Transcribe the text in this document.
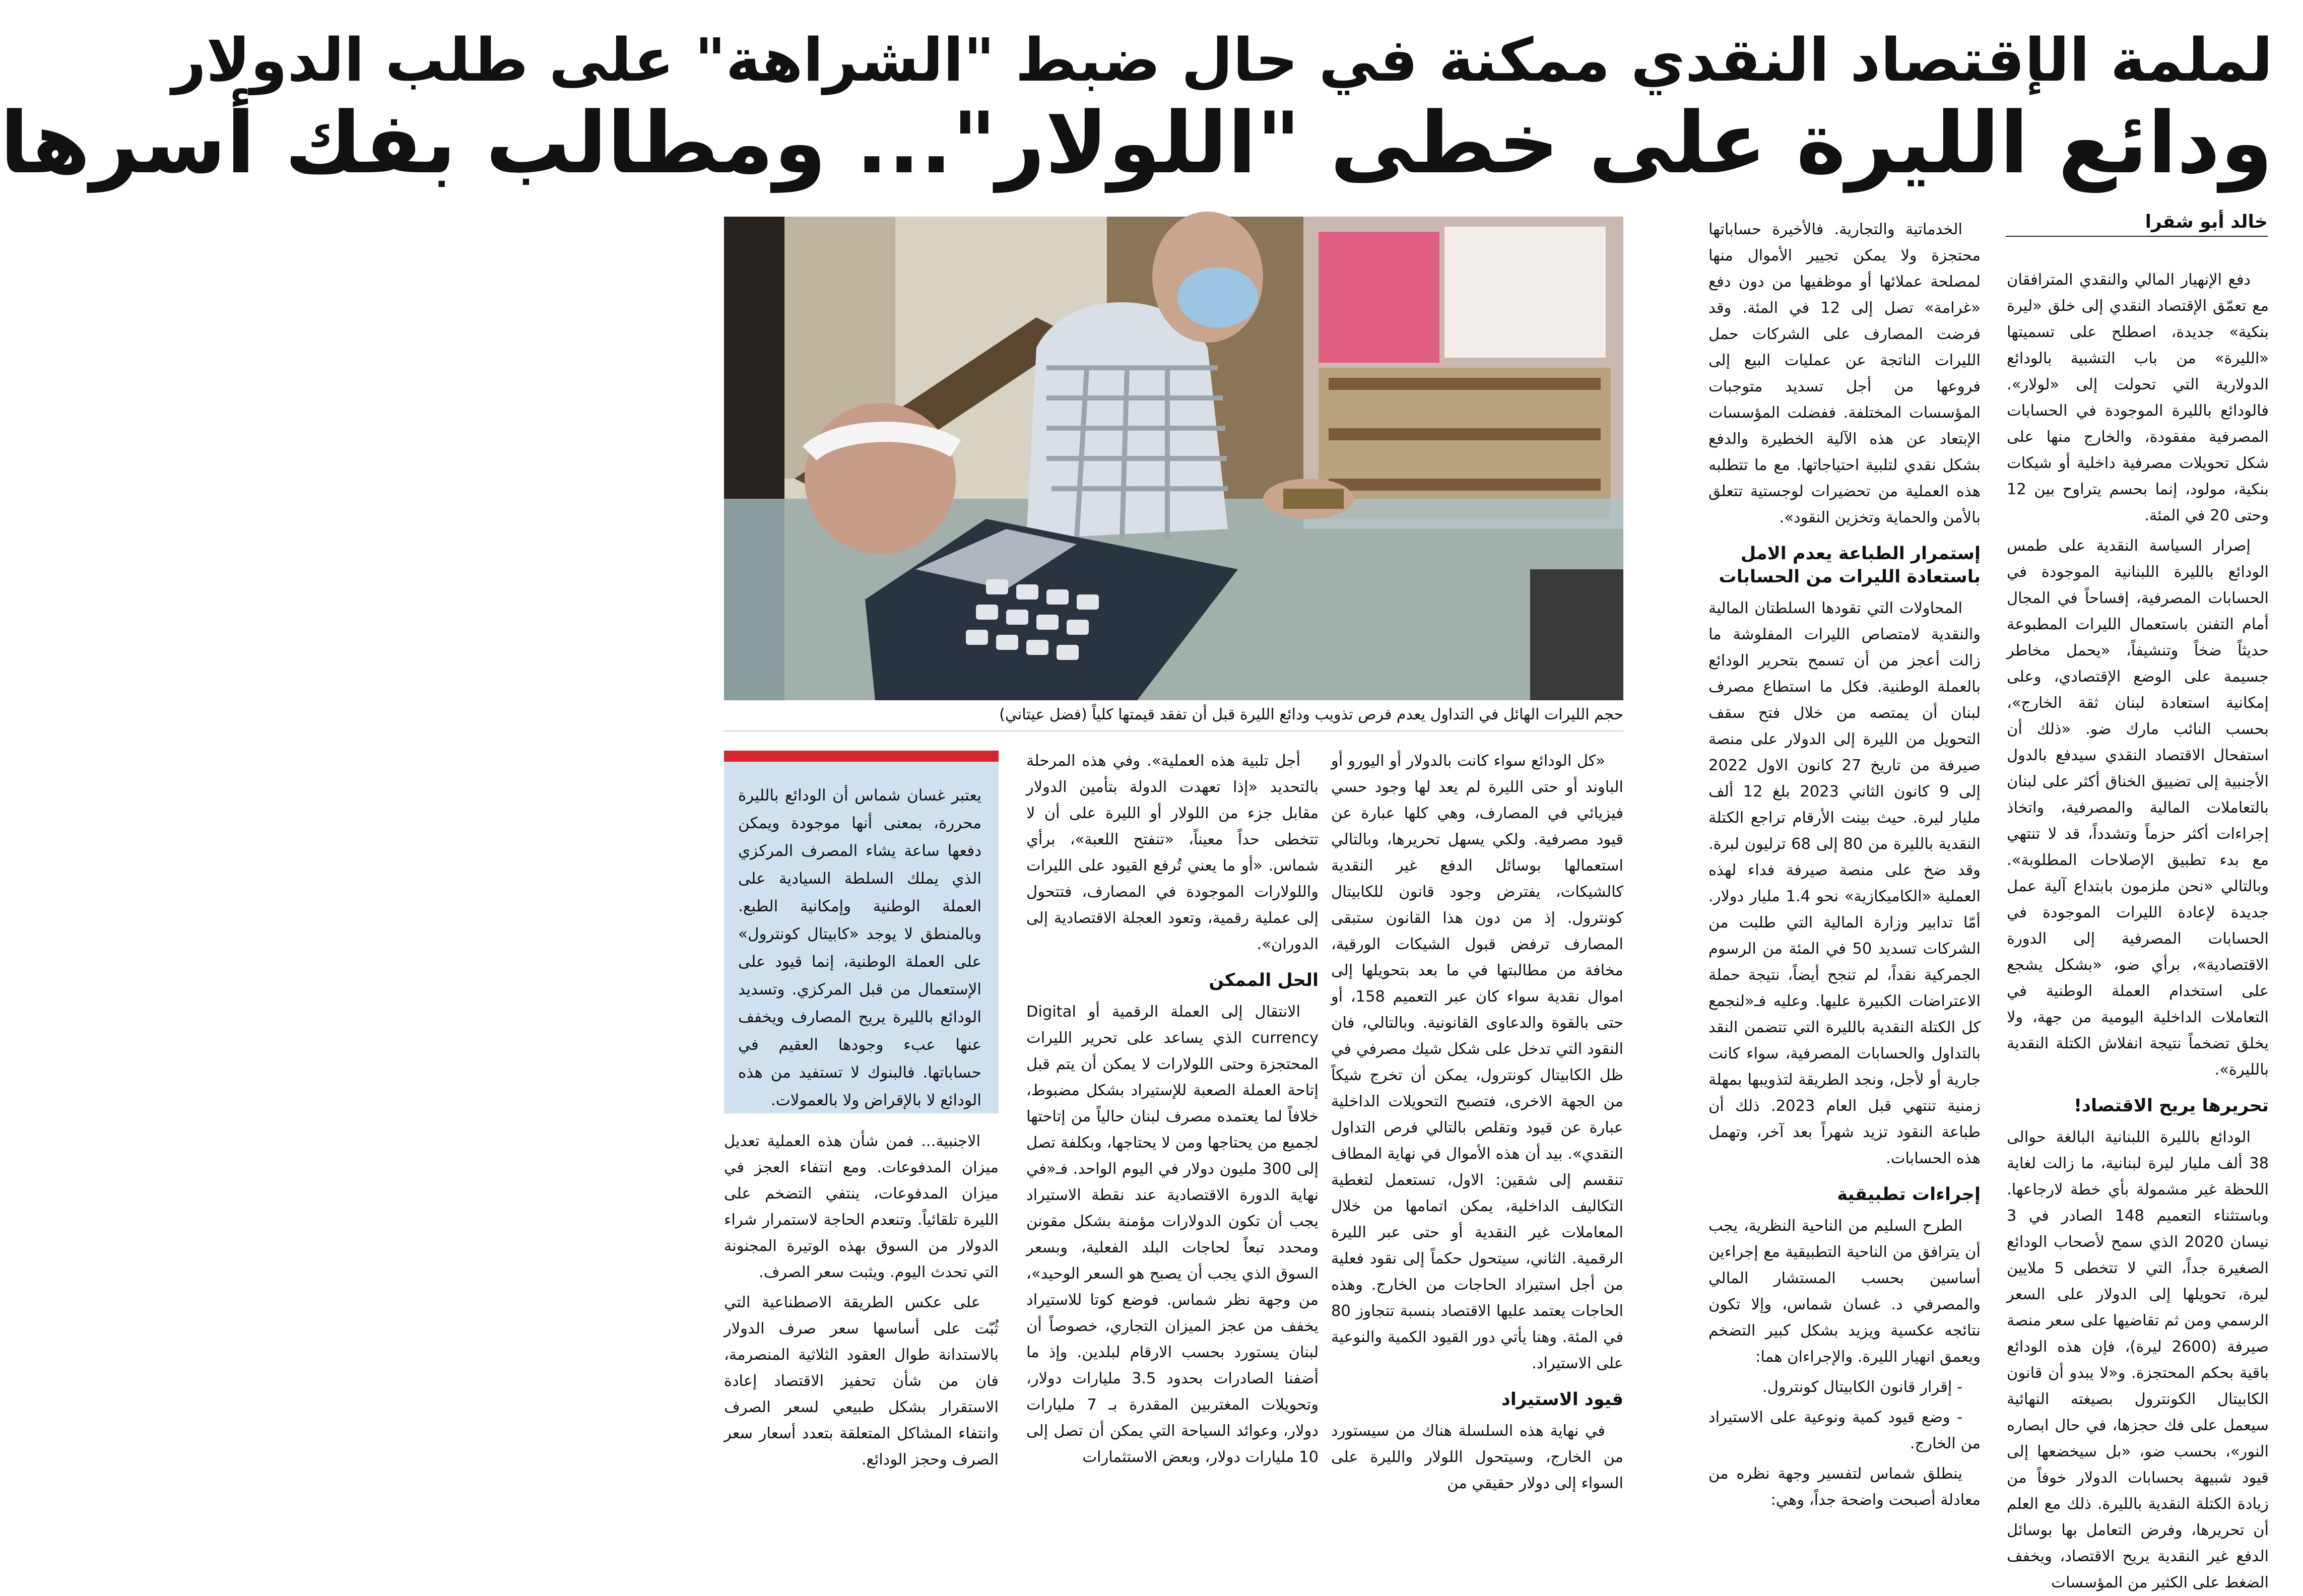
لملمة الإقتصاد النقدي ممكنة في حال ضبط "الشراهة" على طلب الدولار
ودائع الليرة على خطى "اللولار"... ومطالب بفك أسرها
خالد أبو شقرا

دفع الإنهيار المالي والنقدي المترافقان مع تعمّق الإقتصاد النقدي إلى خلق «ليرة بنكية» جديدة، اصطلح على تسميتها «الليرة» من باب التشبية بالودائع الدولارية التي تحولت إلى «لولار». فالودائع بالليرة الموجودة في الحسابات المصرفية مفقودة، والخارج منها على شكل تحويلات مصرفية داخلية أو شيكات بنكية، مولود، إنما بحسم يتراوح بين 12 وحتى 20 في المئة.

إصرار السياسة النقدية على طمس الودائع بالليرة اللبنانية الموجودة في الحسابات المصرفية، إفساحاً في المجال أمام التفنن باستعمال الليرات المطبوعة حديثاً ضخاً وتنشيفاً، «يحمل مخاطر جسيمة على الوضع الإقتصادي، وعلى إمكانية استعادة لبنان ثقة الخارج»، بحسب النائب مارك ضو. «ذلك أن استفحال الاقتصاد النقدي سيدفع بالدول الأجنبية إلى تضييق الخناق أكثر على لبنان بالتعاملات المالية والمصرفية، واتخاذ إجراءات أكثر حزماً وتشدداً، قد لا تنتهي مع بدء تطبيق الإصلاحات المطلوبة». وبالتالي «نحن ملزمون بابتداع آلية عمل جديدة لإعادة الليرات الموجودة في الحسابات المصرفية إلى الدورة الاقتصادية»، برأي ضو، «بشكل يشجع على استخدام العملة الوطنية في التعاملات الداخلية اليومية من جهة، ولا يخلق تضخماً نتيجة انفلاش الكتلة النقدية بالليرة».

تحريرها يريح الاقتصاد!

الودائع بالليرة اللبنانية البالغة حوالى 38 ألف مليار ليرة لبنانية، ما زالت لغاية اللحظة غير مشمولة بأي خطة لارجاعها. وباستثناء التعميم 148 الصادر في 3 نيسان 2020 الذي سمح لأصحاب الودائع الصغيرة جداً، التي لا تتخطى 5 ملايين ليرة، تحويلها إلى الدولار على السعر الرسمي ومن ثم تقاضيها على سعر منصة صيرفة (2600 ليرة)، فإن هذه الودائع باقية بحكم المحتجزة. و«لا يبدو أن قانون الكابيتال الكونترول بصيغته النهائية سيعمل على فك حجزها، في حال ابصاره النور»، بحسب ضو، «بل سيخضعها إلى قيود شبيهة بحسابات الدولار خوفاً من زيادة الكتلة النقدية بالليرة. ذلك مع العلم أن تحريرها، وفرض التعامل بها بوسائل الدفع غير النقدية يريح الاقتصاد، ويخفف الضغط على الكثير من المؤسسات

الخدماتية والتجارية. فالأخيرة حساباتها محتجزة ولا يمكن تجيير الأموال منها لمصلحة عملائها أو موظفيها من دون دفع «غرامة» تصل إلى 12 في المئة. وقد فرضت المصارف على الشركات حمل الليرات الناتجة عن عمليات البيع إلى فروعها من أجل تسديد متوجبات المؤسسات المختلفة. ففضلت المؤسسات الإبتعاد عن هذه الآلية الخطيرة والدفع بشكل نقدي لتلبية احتياجاتها. مع ما تتطلبه هذه العملية من تحضيرات لوجستية تتعلق بالأمن والحماية وتخزين النقود».

إستمرار الطباعة يعدم الامل باستعادة الليرات من الحسابات

المحاولات التي تقودها السلطتان المالية والنقدية لامتصاص الليرات المفلوشة ما زالت أعجز من أن تسمح بتحرير الودائع بالعملة الوطنية. فكل ما استطاع مصرف لبنان أن يمتصه من خلال فتح سقف التحويل من الليرة إلى الدولار على منصة صيرفة من تاريخ 27 كانون الاول 2022 إلى 9 كانون الثاني 2023 بلغ 12 ألف مليار ليرة. حيث بينت الأرقام تراجع الكتلة النقدية بالليرة من 80 إلى 68 ترليون لبرة. وقد ضخ على منصة صيرفة فداء لهذه العملية «الكاميكازية» نحو 1.4 مليار دولار. أمّا تدابير وزارة المالية التي طلبت من الشركات تسديد 50 في المئة من الرسوم الجمركية نقداً، لم تنجح أيضاً، نتيجة حملة الاعتراضات الكبيرة عليها. وعليه فـ«لنجمع كل الكتلة النقدية بالليرة التي تتضمن النقد بالتداول والحسابات المصرفية، سواء كانت جارية أو لأجل، ونجد الطريقة لتذويبها بمهلة زمنية تنتهي قبل العام 2023. ذلك أن طباعة النقود تزيد شهراً بعد آخر، وتهمل هذه الحسابات.

إجراءات تطبيقية

الطرح السليم من الناحية النظرية، يجب أن يترافق من الناحية التطبيقية مع إجراءين أساسين بحسب المستشار المالي والمصرفي د. غسان شماس، وإلا تكون نتائجه عكسية ويزيد بشكل كبير التضخم ويعمق انهيار الليرة. والإجراءان هما:

- إقرار قانون الكابيتال كونترول.

- وضع قيود كمية ونوعية على الاستيراد من الخارج.

ينطلق شماس لتفسير وجهة نظره من معادلة أصبحت واضحة جداً، وهي:

حجم الليرات الهائل في التداول يعدم فرص تذويب ودائع الليرة قبل أن تفقد قيمتها كلياً (فضل عيتاني)

«كل الودائع سواء كانت بالدولار أو اليورو أو الباوند أو حتى الليرة لم يعد لها وجود حسي فيزيائي في المصارف، وهي كلها عبارة عن قيود مصرفية. ولكي يسهل تحريرها، وبالتالي استعمالها بوسائل الدفع غير النقدية كالشيكات، يفترض وجود قانون للكابيتال كونترول. إذ من دون هذا القانون ستبقى المصارف ترفض قبول الشيكات الورقية، مخافة من مطالبتها في ما بعد بتحويلها إلى اموال نقدية سواء كان عبر التعميم 158، أو حتى بالقوة والدعاوى القانونية. وبالتالي، فان النقود التي تدخل على شكل شيك مصرفي في ظل الكابيتال كونترول، يمكن أن تخرج شيكاً من الجهة الاخرى، فتصبح التحويلات الداخلية عبارة عن قيود وتقلص بالتالي فرص التداول النقدي». بيد أن هذه الأموال في نهاية المطاف تنقسم إلى شقين: الاول، تستعمل لتغطية التكاليف الداخلية، يمكن اتمامها من خلال المعاملات غير النقدية أو حتى عبر الليرة الرقمية. الثاني، سيتحول حكماً إلى نقود فعلية من أجل استيراد الحاجات من الخارج. وهذه الحاجات يعتمد عليها الاقتصاد بنسبة تتجاوز 80 في المئة. وهنا يأتي دور القيود الكمية والنوعية على الاستيراد.

قيود الاستيراد

في نهاية هذه السلسلة هناك من سيستورد من الخارج، وسيتحول اللولار والليرة على السواء إلى دولار حقيقي من

أجل تلبية هذه العملية». وفي هذه المرحلة بالتحديد «إذا تعهدت الدولة بتأمين الدولار مقابل جزء من اللولار أو الليرة على أن لا تتخطى حداً معيناً، «تنفتح اللعبة»، برأي شماس. «أو ما يعني تُرفع القيود على الليرات واللولارات الموجودة في المصارف، فتتحول إلى عملية رقمية، وتعود العجلة الاقتصادية إلى الدوران».

الحل الممكن

الانتقال إلى العملة الرقمية أو Digital currency الذي يساعد على تحرير الليرات المحتجزة وحتى اللولارات لا يمكن أن يتم قبل إتاحة العملة الصعبة للإستيراد بشكل مضبوط، خلافاً لما يعتمده مصرف لبنان حالياً من إتاحتها لجميع من يحتاجها ومن لا يحتاجها، وبكلفة تصل إلى 300 مليون دولار في اليوم الواحد. فـ«في نهاية الدورة الاقتصادية عند نقطة الاستيراد يجب أن تكون الدولارات مؤمنة بشكل مقونن ومحدد تبعاً لحاجات البلد الفعلية، وبسعر السوق الذي يجب أن يصبح هو السعر الوحيد»، من وجهة نظر شماس. فوضع كوتا للاستيراد يخفف من عجز الميزان التجاري، خصوصاً أن لبنان يستورد بحسب الارقام لبلدين. وإذ ما أضفنا الصادرات بحدود 3.5 مليارات دولار، وتحويلات المغتربين المقدرة بـ 7 مليارات دولار، وعوائد السياحة التي يمكن أن تصل إلى 10 مليارات دولار، وبعض الاستثمارات

يعتبر غسان شماس أن الودائع بالليرة محررة، بمعنى أنها موجودة ويمكن دفعها ساعة يشاء المصرف المركزي الذي يملك السلطة السيادية على العملة الوطنية وإمكانية الطبع. وبالمنطق لا يوجد «كابيتال كونترول» على العملة الوطنية، إنما قيود على الإستعمال من قبل المركزي. وتسديد الودائع بالليرة يريح المصارف ويخفف عنها عبء وجودها العقيم في حساباتها. فالبنوك لا تستفيد من هذه الودائع لا بالإقراض ولا بالعمولات.

الاجنبية... فمن شأن هذه العملية تعديل ميزان المدفوعات. ومع انتفاء العجز في ميزان المدفوعات، ينتفي التضخم على الليرة تلقائياً. وتنعدم الحاجة لاستمرار شراء الدولار من السوق بهذه الوتيرة المجنونة التي تحدث اليوم. ويثبت سعر الصرف.

على عكس الطريقة الاصطناعية التي ثُبّت على أساسها سعر صرف الدولار بالاستدانة طوال العقود الثلاثية المنصرمة، فان من شأن تحفيز الاقتصاد إعادة الاستقرار بشكل طبيعي لسعر الصرف وانتفاء المشاكل المتعلقة بتعدد أسعار سعر الصرف وحجز الودائع.
